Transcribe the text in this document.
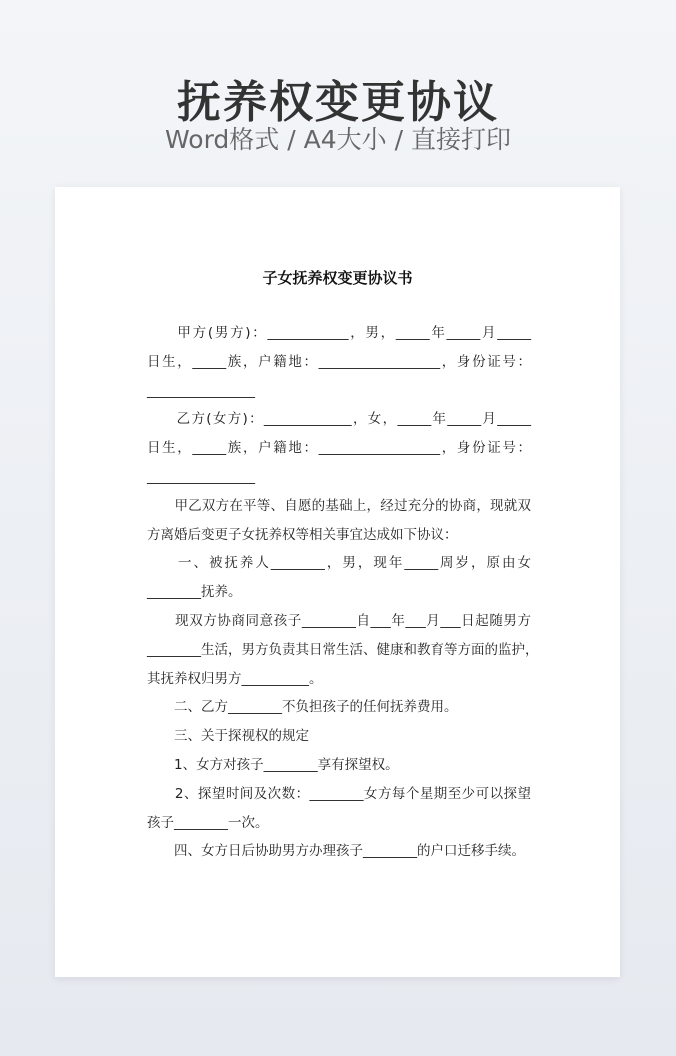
抚养权变更协议
Word格式 / A4大小 / 直接打印
子女抚养权变更协议书
　　甲方(男方)：____________，男，_____年_____月_____
日生，_____族，户籍地：__________________，身份证号：
________________
　　乙方(女方)：_____________，女，_____年_____月_____
日生，_____族，户籍地：__________________，身份证号：
________________
　　甲乙双方在平等、自愿的基础上，经过充分的协商，现就双
方离婚后变更子女抚养权等相关事宜达成如下协议：
　　一、被抚养人________，男，现年_____周岁，原由女
________抚养。
　　现双方协商同意孩子________自___年___月___日起随男方
________生活，男方负责其日常生活、健康和教育等方面的监护，
其抚养权归男方__________。
　　二、乙方________不负担孩子的任何抚养费用。
　　三、关于探视权的规定
　　1、女方对孩子________享有探望权。
　　2、探望时间及次数：________女方每个星期至少可以探望
孩子________一次。
　　四、女方日后协助男方办理孩子________的户口迁移手续。
